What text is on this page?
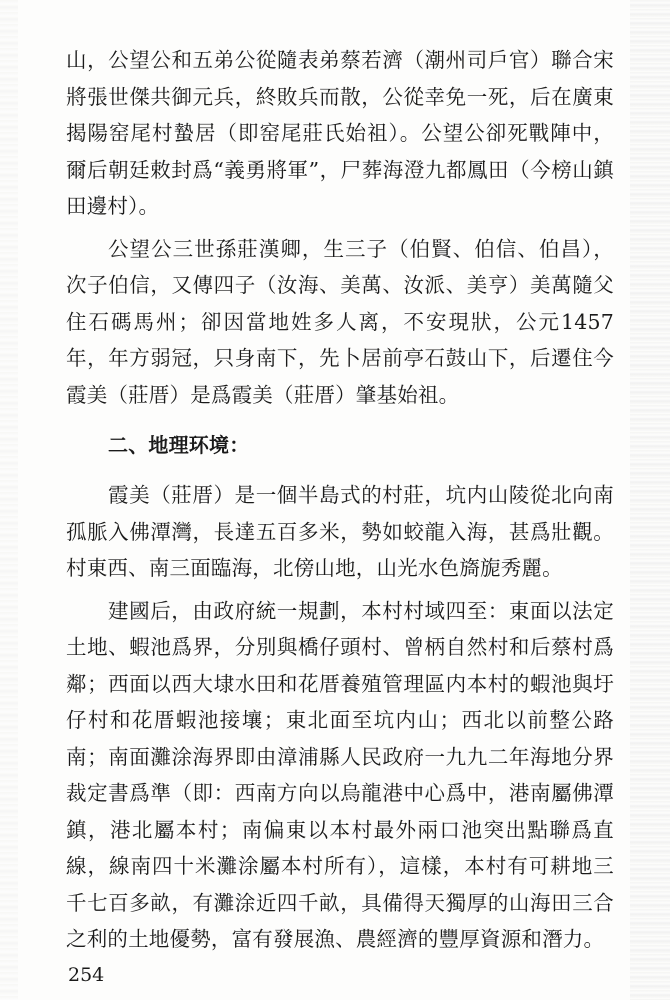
山，公望公和五弟公從隨表弟蔡若濟（潮州司戶官）聯合宋將張世傑共御元兵，終敗兵而散，公從幸免一死，后在廣東揭陽窑尾村蟄居（即窑尾莊氏始祖）。公望公卻死戰陣中，爾后朝廷敕封爲“義勇將軍”，尸葬海澄九都鳳田（今榜山鎮田邊村）。

公望公三世孫莊漢卿，生三子（伯賢、伯信、伯昌），次子伯信，又傳四子（汝海、美萬、汝派、美亨）美萬隨父住石碼馬州；卻因當地姓多人离，不安現狀，公元1457年，年方弱冠，只身南下，先卜居前亭石鼓山下，后遷住今霞美（莊厝）是爲霞美（莊厝）肇基始祖。

二、地理环境：

霞美（莊厝）是一個半島式的村莊，坑内山陵從北向南孤脈入佛潭灣，長達五百多米，勢如蛟龍入海，甚爲壯觀。村東西、南三面臨海，北傍山地，山光水色旖旎秀麗。

建國后，由政府統一規劃，本村村域四至：東面以法定土地、蝦池爲界，分別與橋仔頭村、曾柄自然村和后蔡村爲鄰；西面以西大埭水田和花厝養殖管理區内本村的蝦池與圩仔村和花厝蝦池接壤；東北面至坑内山；西北以前整公路南；南面灘涂海界即由漳浦縣人民政府一九九二年海地分界裁定書爲準（即：西南方向以烏龍港中心爲中，港南屬佛潭鎮，港北屬本村；南偏東以本村最外兩口池突出點聯爲直線，線南四十米灘涂屬本村所有），這樣，本村有可耕地三千七百多畝，有灘涂近四千畝，具備得天獨厚的山海田三合之利的土地優勢，富有發展漁、農經濟的豐厚資源和潛力。

254
